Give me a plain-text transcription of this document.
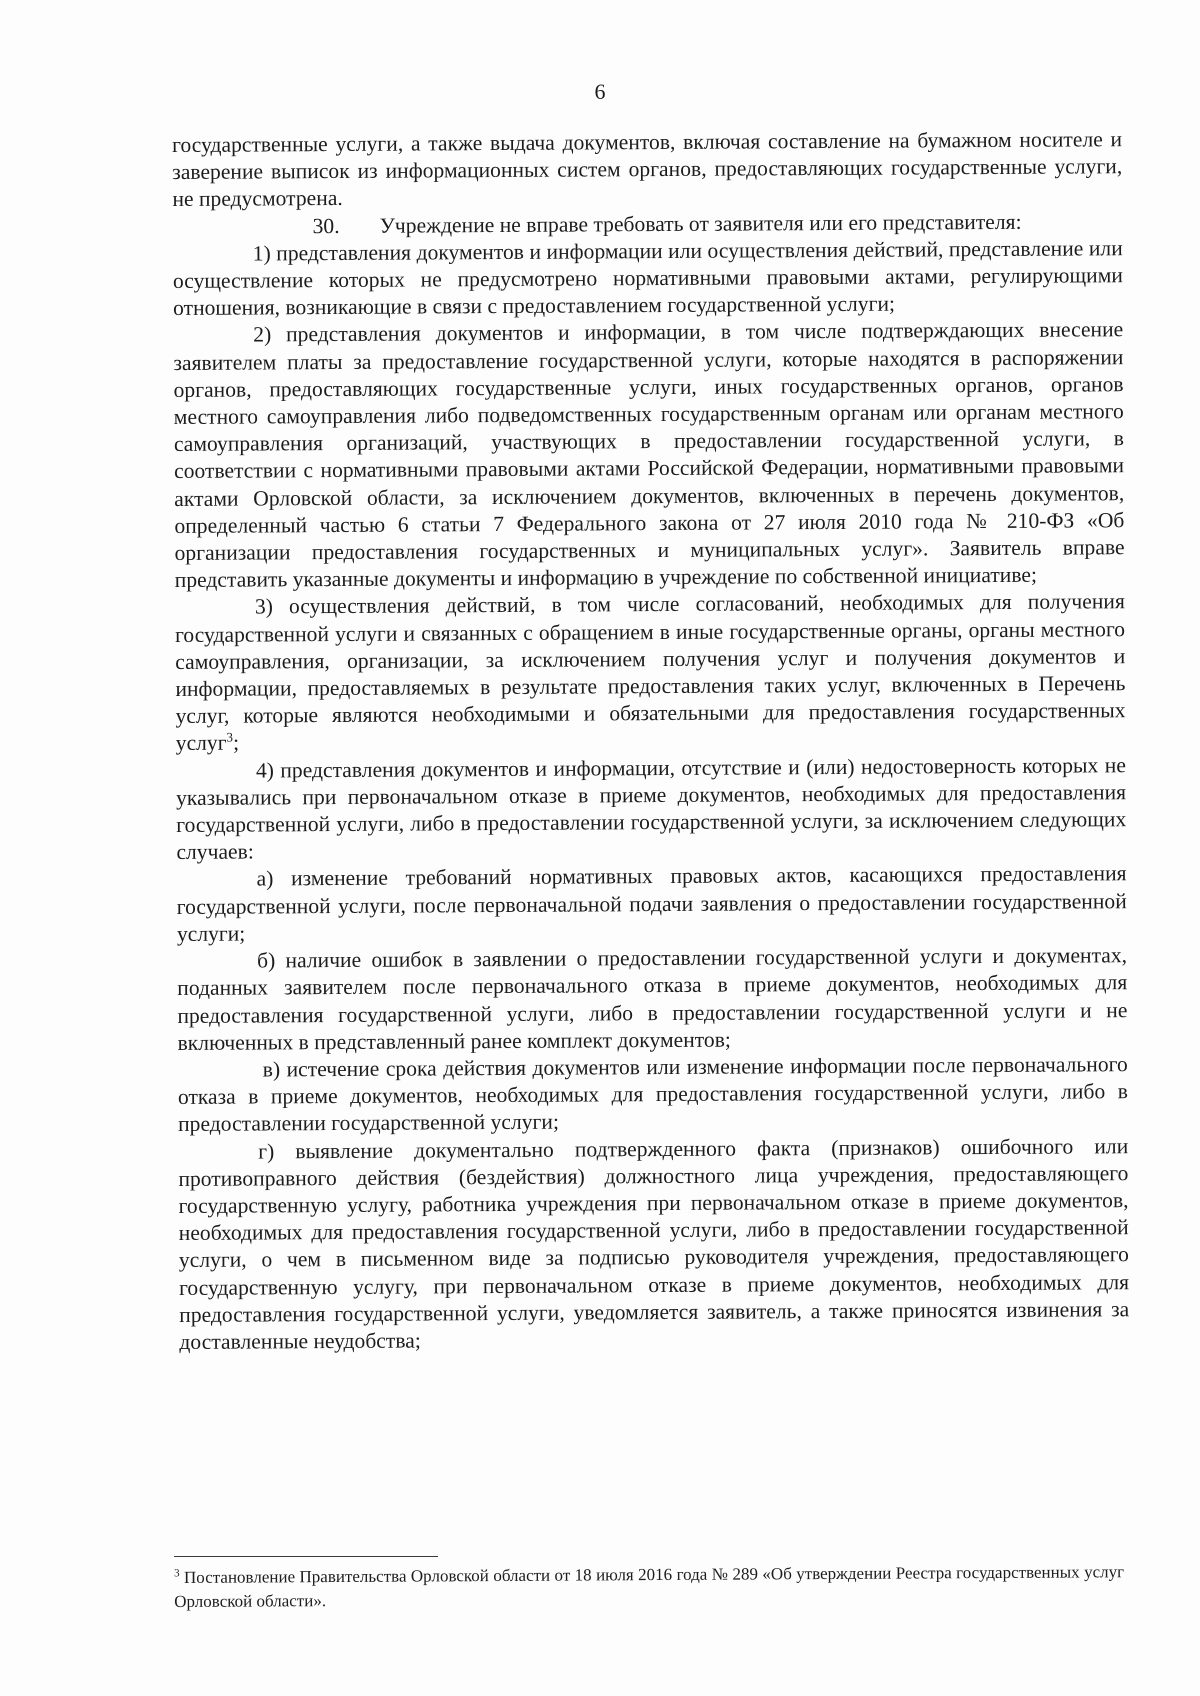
6

государственные услуги, а также выдача документов, включая составление на бумажном носителе и заверение выписок из информационных систем органов, предоставляющих государственные услуги, не предусмотрена.

30. Учреждение не вправе требовать от заявителя или его представителя:

1) представления документов и информации или осуществления действий, представление или осуществление которых не предусмотрено нормативными правовыми актами, регулирующими отношения, возникающие в связи с предоставлением государственной услуги;

2) представления документов и информации, в том числе подтверждающих внесение заявителем платы за предоставление государственной услуги, которые находятся в распоряжении органов, предоставляющих государственные услуги, иных государственных органов, органов местного самоуправления либо подведомственных государственным органам или органам местного самоуправления организаций, участвующих в предоставлении государственной услуги, в соответствии с нормативными правовыми актами Российской Федерации, нормативными правовыми актами Орловской области, за исключением документов, включенных в перечень документов, определенный частью 6 статьи 7 Федерального закона от 27 июля 2010 года № 210-ФЗ «Об организации предоставления государственных и муниципальных услуг». Заявитель вправе представить указанные документы и информацию в учреждение по собственной инициативе;

3) осуществления действий, в том числе согласований, необходимых для получения государственной услуги и связанных с обращением в иные государственные органы, органы местного самоуправления, организации, за исключением получения услуг и получения документов и информации, предоставляемых в результате предоставления таких услуг, включенных в Перечень услуг, которые являются необходимыми и обязательными для предоставления государственных услуг$^3$;

4) представления документов и информации, отсутствие и (или) недостоверность которых не указывались при первоначальном отказе в приеме документов, необходимых для предоставления государственной услуги, либо в предоставлении государственной услуги, за исключением следующих случаев:

а) изменение требований нормативных правовых актов, касающихся предоставления государственной услуги, после первоначальной подачи заявления о предоставлении государственной услуги;

б) наличие ошибок в заявлении о предоставлении государственной услуги и документах, поданных заявителем после первоначального отказа в приеме документов, необходимых для предоставления государственной услуги, либо в предоставлении государственной услуги и не включенных в представленный ранее комплект документов;

в) истечение срока действия документов или изменение информации после первоначального отказа в приеме документов, необходимых для предоставления государственной услуги, либо в предоставлении государственной услуги;

г) выявление документально подтвержденного факта (признаков) ошибочного или противоправного действия (бездействия) должностного лица учреждения, предоставляющего государственную услугу, работника учреждения при первоначальном отказе в приеме документов, необходимых для предоставления государственной услуги, либо в предоставлении государственной услуги, о чем в письменном виде за подписью руководителя учреждения, предоставляющего государственную услугу, при первоначальном отказе в приеме документов, необходимых для предоставления государственной услуги, уведомляется заявитель, а также приносятся извинения за доставленные неудобства;

$^3$ Постановление Правительства Орловской области от 18 июля 2016 года № 289 «Об утверждении Реестра государственных услуг Орловской области».
